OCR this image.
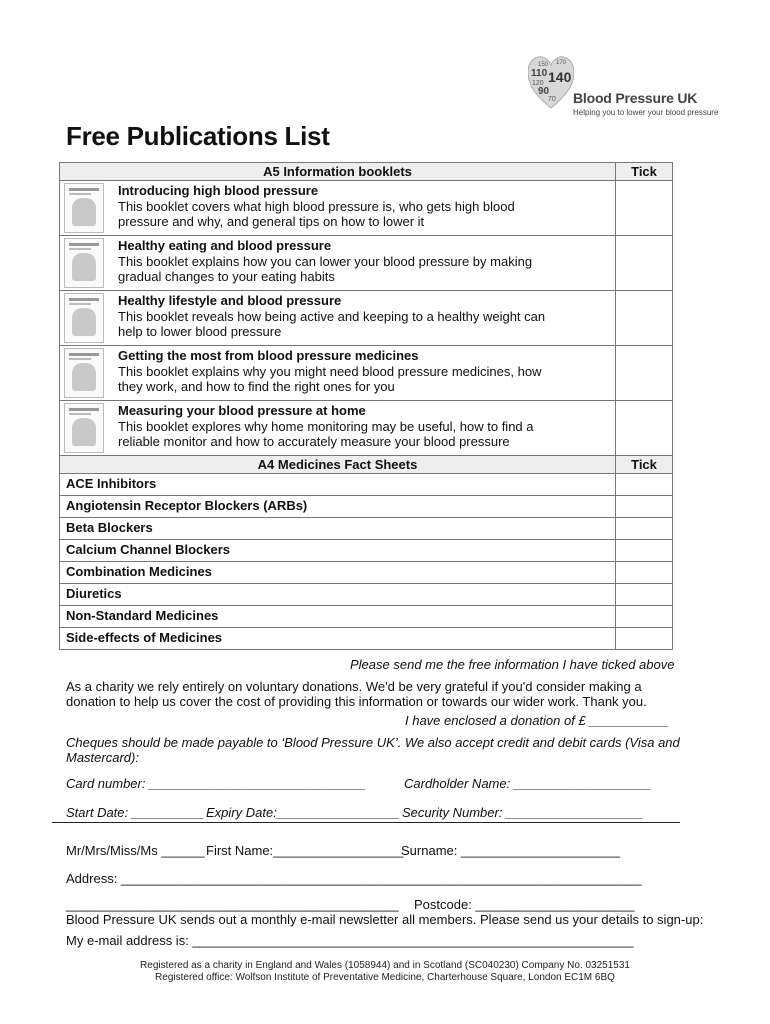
150 170
110 140
120
90
70 Blood Pressure UK
Helping you to lower your blood pressure
Free Publications List
A5 Information booklets	Tick

Introducing high blood pressure
This booklet covers what high blood pressure is, who gets high blood
pressure and why, and general tips on how to lower it	

Healthy eating and blood pressure
This booklet explains how you can lower your blood pressure by making
gradual changes to your eating habits	

Healthy lifestyle and blood pressure
This booklet reveals how being active and keeping to a healthy weight can
help to lower blood pressure	

Getting the most from blood pressure medicines
This booklet explains why you might need blood pressure medicines, how
they work, and how to find the right ones for you	

Measuring your blood pressure at home
This booklet explores why home monitoring may be useful, how to find a
reliable monitor and how to accurately measure your blood pressure	

A4 Medicines Fact Sheets	Tick
ACE Inhibitors	
Angiotensin Receptor Blockers (ARBs)	
Beta Blockers	
Calcium Channel Blockers	
Combination Medicines	
Diuretics	
Non-Standard Medicines	
Side-effects of Medicines	
Please send me the free information I have ticked above
As a charity we rely entirely on voluntary donations. We'd be very grateful if you'd consider making a
donation to help us cover the cost of providing this information or towards our wider work. Thank you.
I have enclosed a donation of £ ___________
Cheques should be made payable to ‘Blood Pressure UK’. We also accept credit and debit cards (Visa and
Mastercard):
Card number: ______________________________	Cardholder Name: ___________________
Start Date: __________ Expiry Date:_________________ Security Number: ___________________
Mr/Mrs/Miss/Ms ______ First Name:__________________
Surname: ______________________
Address: ________________________________________________________________________
______________________________________________ Postcode: ______________________
Blood Pressure UK sends out a monthly e-mail newsletter all members. Please send us your details to sign-up:
My e-mail address is: _____________________________________________________________
Registered as a charity in England and Wales (1058944) and in Scotland (SC040230) Company No. 03251531
Registered office: Wolfson Institute of Preventative Medicine, Charterhouse Square, London EC1M 6BQ
